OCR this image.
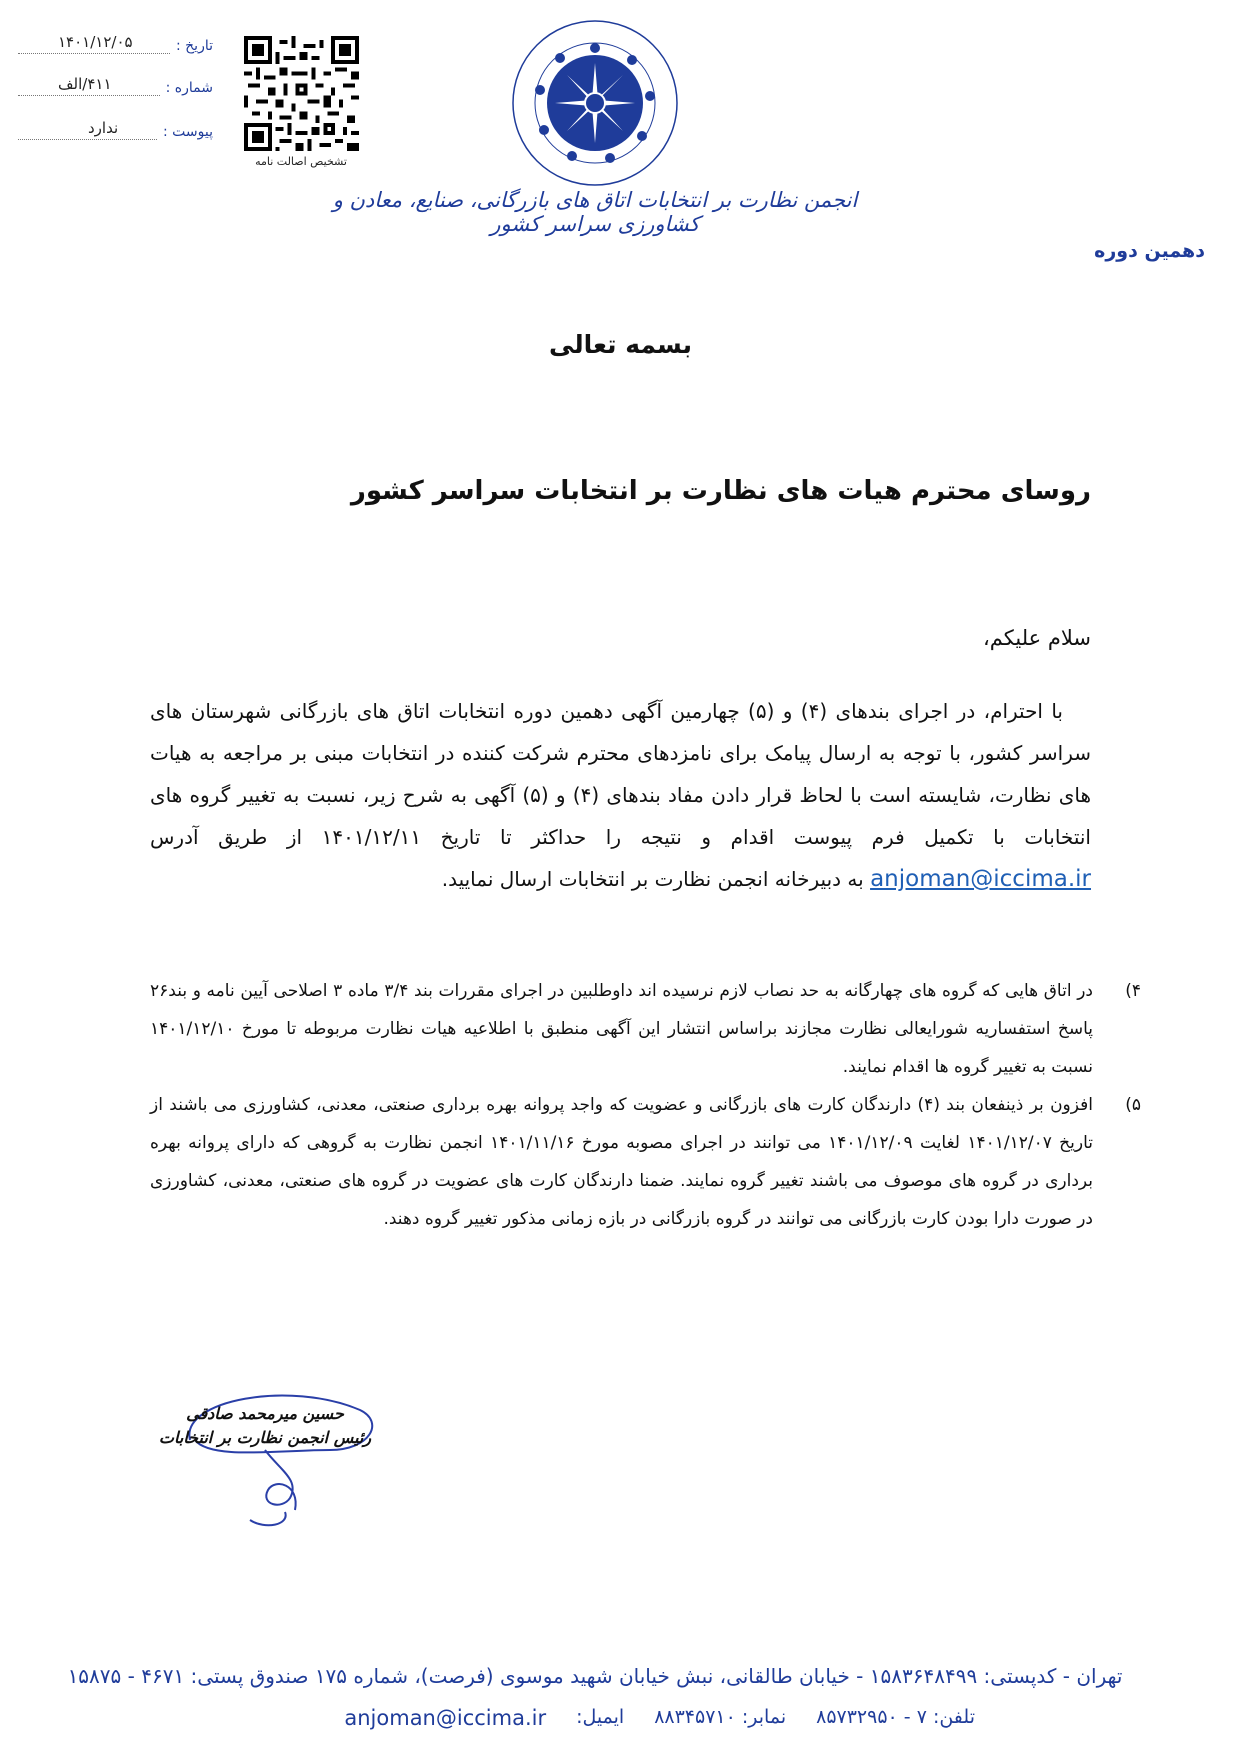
تاریخ :
۱۴۰۱/۱۲/۰۵
شماره :
۴۱۱/الف
پیوست :
ندارد
تشخیص اصالت نامه
انجمن نظارت بر انتخابات اتاق های بازرگانی، صنایع، معادن و کشاورزی سراسر کشور
دهمین دوره
بسمه تعالی
روسای محترم هیات های نظارت بر انتخابات سراسر کشور
سلام علیکم،
با احترام، در اجرای بندهای (۴) و (۵) چهارمین آگهی دهمین دوره انتخابات اتاق های بازرگانی شهرستان های سراسر کشور، با توجه به ارسال پیامک برای نامزدهای محترم شرکت کننده در انتخابات مبنی بر مراجعه به هیات های نظارت، شایسته است با لحاظ قرار دادن مفاد بندهای (۴) و (۵) آگهی به شرح زیر، نسبت به تغییر گروه های انتخابات با تکمیل فرم پیوست اقدام و نتیجه را حداکثر تا تاریخ ۱۴۰۱/۱۲/۱۱ از طریق آدرس anjoman@iccima.ir به دبیرخانه انجمن نظارت بر انتخابات ارسال نمایید.
۴)
در اتاق هایی که گروه های چهارگانه به حد نصاب لازم نرسیده اند داوطلبین در اجرای مقررات بند ۳/۴ ماده ۳ اصلاحی آیین نامه و بند۲۶ پاسخ استفساریه شورایعالی نظارت مجازند براساس انتشار این آگهی منطبق با اطلاعیه هیات نظارت مربوطه تا مورخ ۱۴۰۱/۱۲/۱۰ نسبت به تغییر گروه ها اقدام نمایند.
۵)
افزون بر ذینفعان بند (۴) دارندگان کارت های بازرگانی و عضویت که واجد پروانه بهره برداری صنعتی، معدنی، کشاورزی می باشند از تاریخ ۱۴۰۱/۱۲/۰۷ لغایت ۱۴۰۱/۱۲/۰۹ می توانند در اجرای مصوبه مورخ ۱۴۰۱/۱۱/۱۶ انجمن نظارت به گروهی که دارای پروانه بهره برداری در گروه های موصوف می باشند تغییر گروه نمایند. ضمنا دارندگان کارت های عضویت در گروه های صنعتی، معدنی، کشاورزی در صورت دارا بودن کارت بازرگانی می توانند در گروه بازرگانی در بازه زمانی مذکور تغییر گروه دهند.
حسین میرمحمد صادقی
رئیس انجمن نظارت بر انتخابات
تهران - کدپستی: ۱۵۸۳۶۴۸۴۹۹ - خیابان طالقانی، نبش خیابان شهید موسوی (فرصت)، شماره ۱۷۵ صندوق پستی: ۴۶۷۱ - ۱۵۸۷۵
تلفن: ۷ - ۸۵۷۳۲۹۵۰
نمابر: ۸۸۳۴۵۷۱۰
ایمیل:
anjoman@iccima.ir
